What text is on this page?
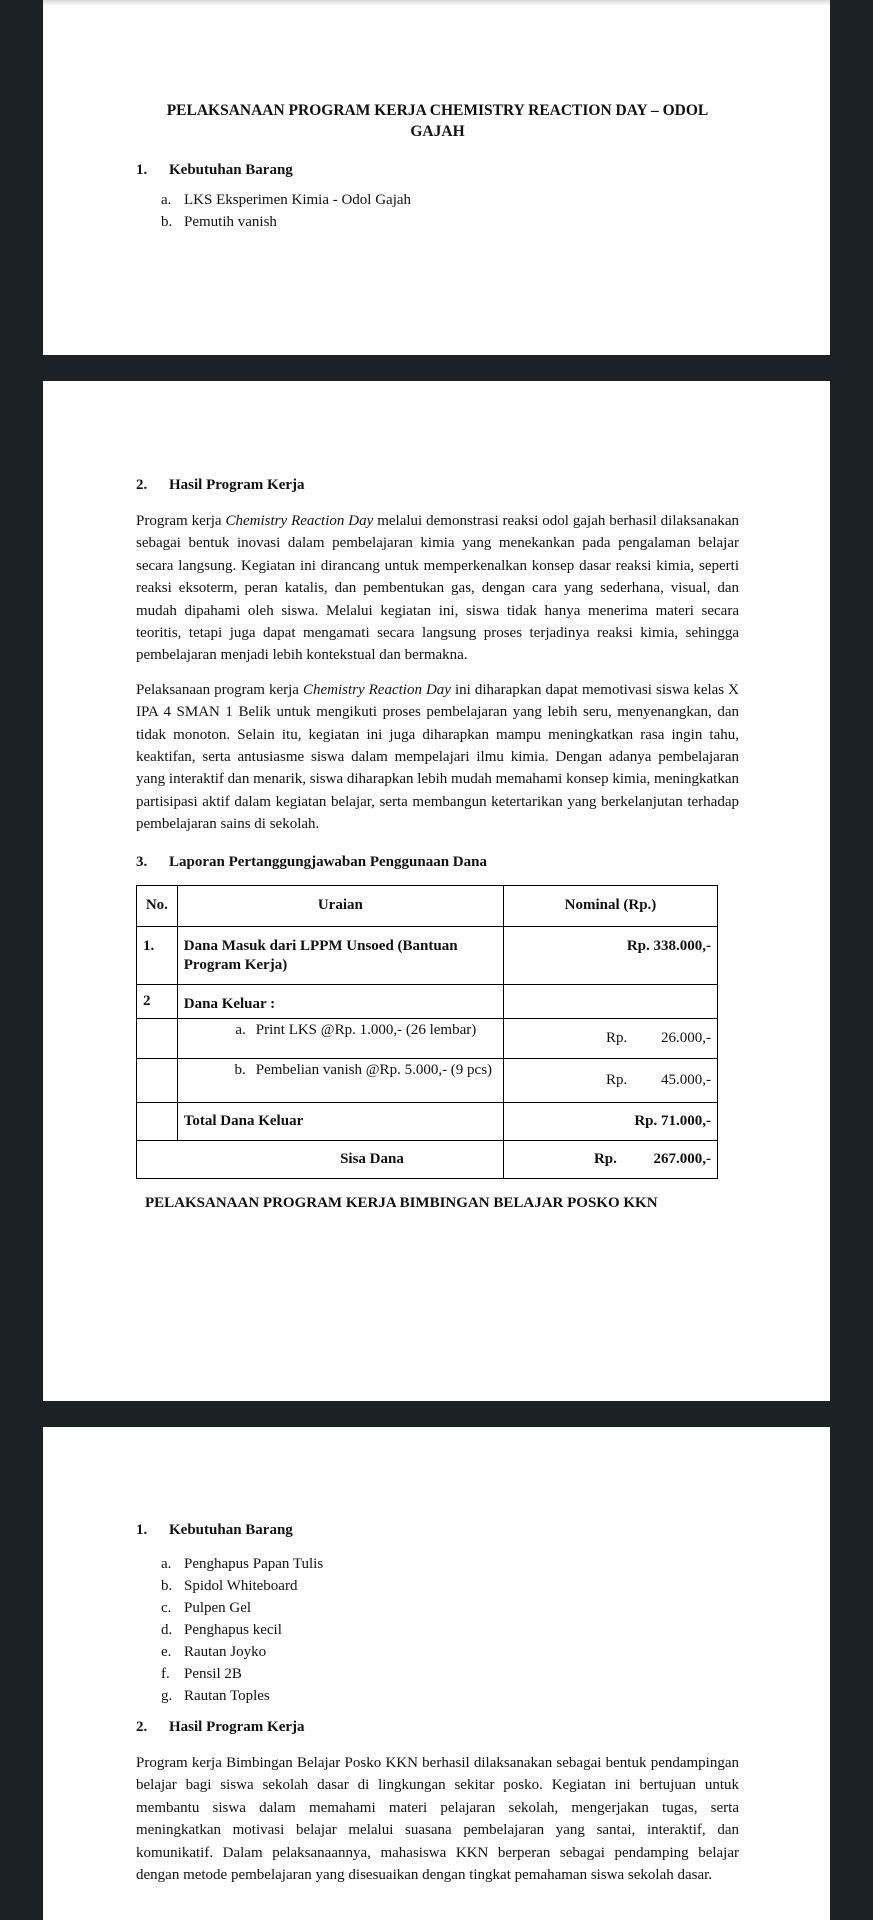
PELAKSANAAN PROGRAM KERJA CHEMISTRY REACTION DAY – ODOL GAJAH

1.	Kebutuhan Barang
a. LKS Eksperimen Kimia - Odol Gajah
b. Pemutih vanish
2.	Hasil Program Kerja

Program kerja Chemistry Reaction Day melalui demonstrasi reaksi odol gajah berhasil dilaksanakan sebagai bentuk inovasi dalam pembelajaran kimia yang menekankan pada pengalaman belajar secara langsung. Kegiatan ini dirancang untuk memperkenalkan konsep dasar reaksi kimia, seperti reaksi eksoterm, peran katalis, dan pembentukan gas, dengan cara yang sederhana, visual, dan mudah dipahami oleh siswa. Melalui kegiatan ini, siswa tidak hanya menerima materi secara teoritis, tetapi juga dapat mengamati secara langsung proses terjadinya reaksi kimia, sehingga pembelajaran menjadi lebih kontekstual dan bermakna.

Pelaksanaan program kerja Chemistry Reaction Day ini diharapkan dapat memotivasi siswa kelas X IPA 4 SMAN 1 Belik untuk mengikuti proses pembelajaran yang lebih seru, menyenangkan, dan tidak monoton. Selain itu, kegiatan ini juga diharapkan mampu meningkatkan rasa ingin tahu, keaktifan, serta antusiasme siswa dalam mempelajari ilmu kimia. Dengan adanya pembelajaran yang interaktif dan menarik, siswa diharapkan lebih mudah memahami konsep kimia, meningkatkan partisipasi aktif dalam kegiatan belajar, serta membangun ketertarikan yang berkelanjutan terhadap pembelajaran sains di sekolah.

3.	Laporan Pertanggungjawaban Penggunaan Dana
No.	Uraian	Nominal (Rp.)
1.	Dana Masuk dari LPPM Unsoed (Bantuan Program Kerja)	Rp. 338.000,-
2	Dana Keluar :	

	a. Print LKS @Rp. 1.000,- (26 lembar)	Rp. 26.000,-

	b. Pembelian vanish @Rp. 5.000,- (9 pcs)	Rp. 45.000,-

	Total Dana Keluar	Rp. 71.000,-
Sisa Dana		Rp. 267.000,-

PELAKSANAAN PROGRAM KERJA BIMBINGAN BELAJAR POSKO KKN

1.	Kebutuhan Barang
a. Penghapus Papan Tulis
b. Spidol Whiteboard
c. Pulpen Gel
d. Penghapus kecil
e. Rautan Joyko
f. Pensil 2B
g. Rautan Toples
2.	Hasil Program Kerja

Program kerja Bimbingan Belajar Posko KKN berhasil dilaksanakan sebagai bentuk pendampingan belajar bagi siswa sekolah dasar di lingkungan sekitar posko. Kegiatan ini bertujuan untuk membantu siswa dalam memahami materi pelajaran sekolah, mengerjakan tugas, serta meningkatkan motivasi belajar melalui suasana pembelajaran yang santai, interaktif, dan komunikatif. Dalam pelaksanaannya, mahasiswa KKN berperan sebagai pendamping belajar dengan metode pembelajaran yang disesuaikan dengan tingkat pemahaman siswa sekolah dasar.
